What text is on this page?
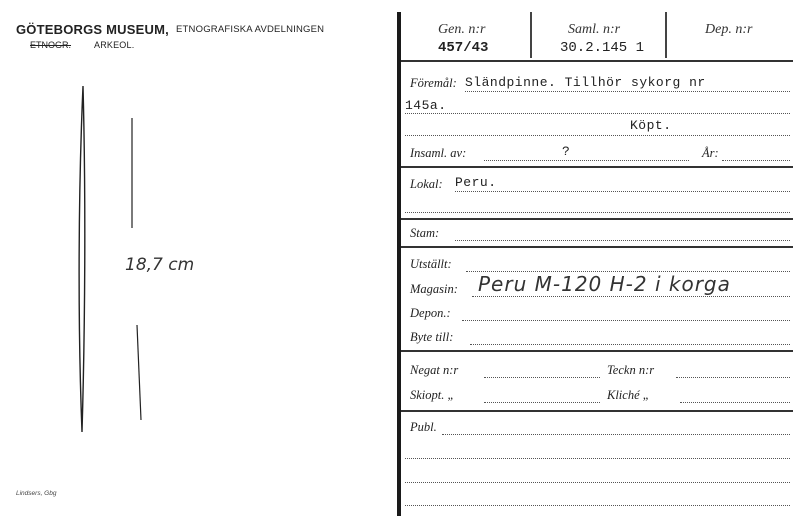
GÖTEBORGS MUSEUM, ETNOGRAFISKA AVDELNINGEN
ETNOGR.	ARKEOL.
18,7 cm
Lindsers, Gbg
Gen. n:r
457/43
Saml. n:r
30.2.145 1
Dep. n:r
Föremål: Sländpinne. Tillhör sykorg nr
145a.
Köpt.
Insaml. av:	?	År:
Lokal: Peru.
Stam:
Utställt:
Magasin: Peru M-120 H-2 i korga
Depon.:
Byte till:
Negat n:r	Teckn n:r
Skiopt. „	Kliché „
Publ.
